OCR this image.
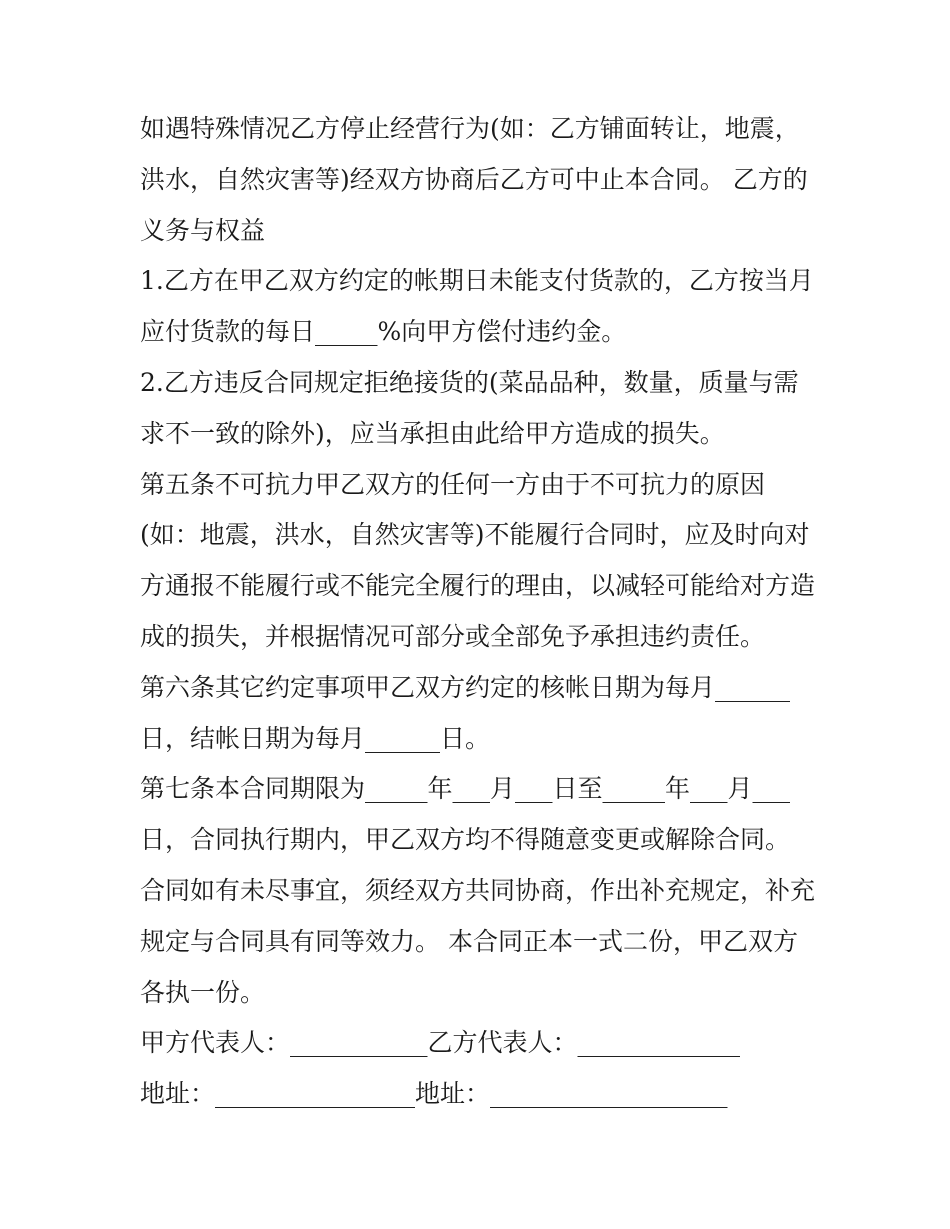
如遇特殊情况乙方停止经营行为(如：乙方铺面转让，地震，
洪水，自然灾害等)经双方协商后乙方可中止本合同。 乙方的
义务与权益
1.乙方在甲乙双方约定的帐期日未能支付货款的，乙方按当月
应付货款的每日_____%向甲方偿付违约金。
2.乙方违反合同规定拒绝接货的(菜品品种，数量，质量与需
求不一致的除外)，应当承担由此给甲方造成的损失。
第五条不可抗力甲乙双方的任何一方由于不可抗力的原因
(如：地震，洪水，自然灾害等)不能履行合同时，应及时向对
方通报不能履行或不能完全履行的理由，以减轻可能给对方造
成的损失，并根据情况可部分或全部免予承担违约责任。
第六条其它约定事项甲乙双方约定的核帐日期为每月______
日，结帐日期为每月______日。
第七条本合同期限为_____年___月___日至_____年___月___
日，合同执行期内，甲乙双方均不得随意变更或解除合同。
合同如有未尽事宜，须经双方共同协商，作出补充规定，补充
规定与合同具有同等效力。 本合同正本一式二份，甲乙双方
各执一份。
甲方代表人：___________乙方代表人：_____________
地址：________________地址：___________________
